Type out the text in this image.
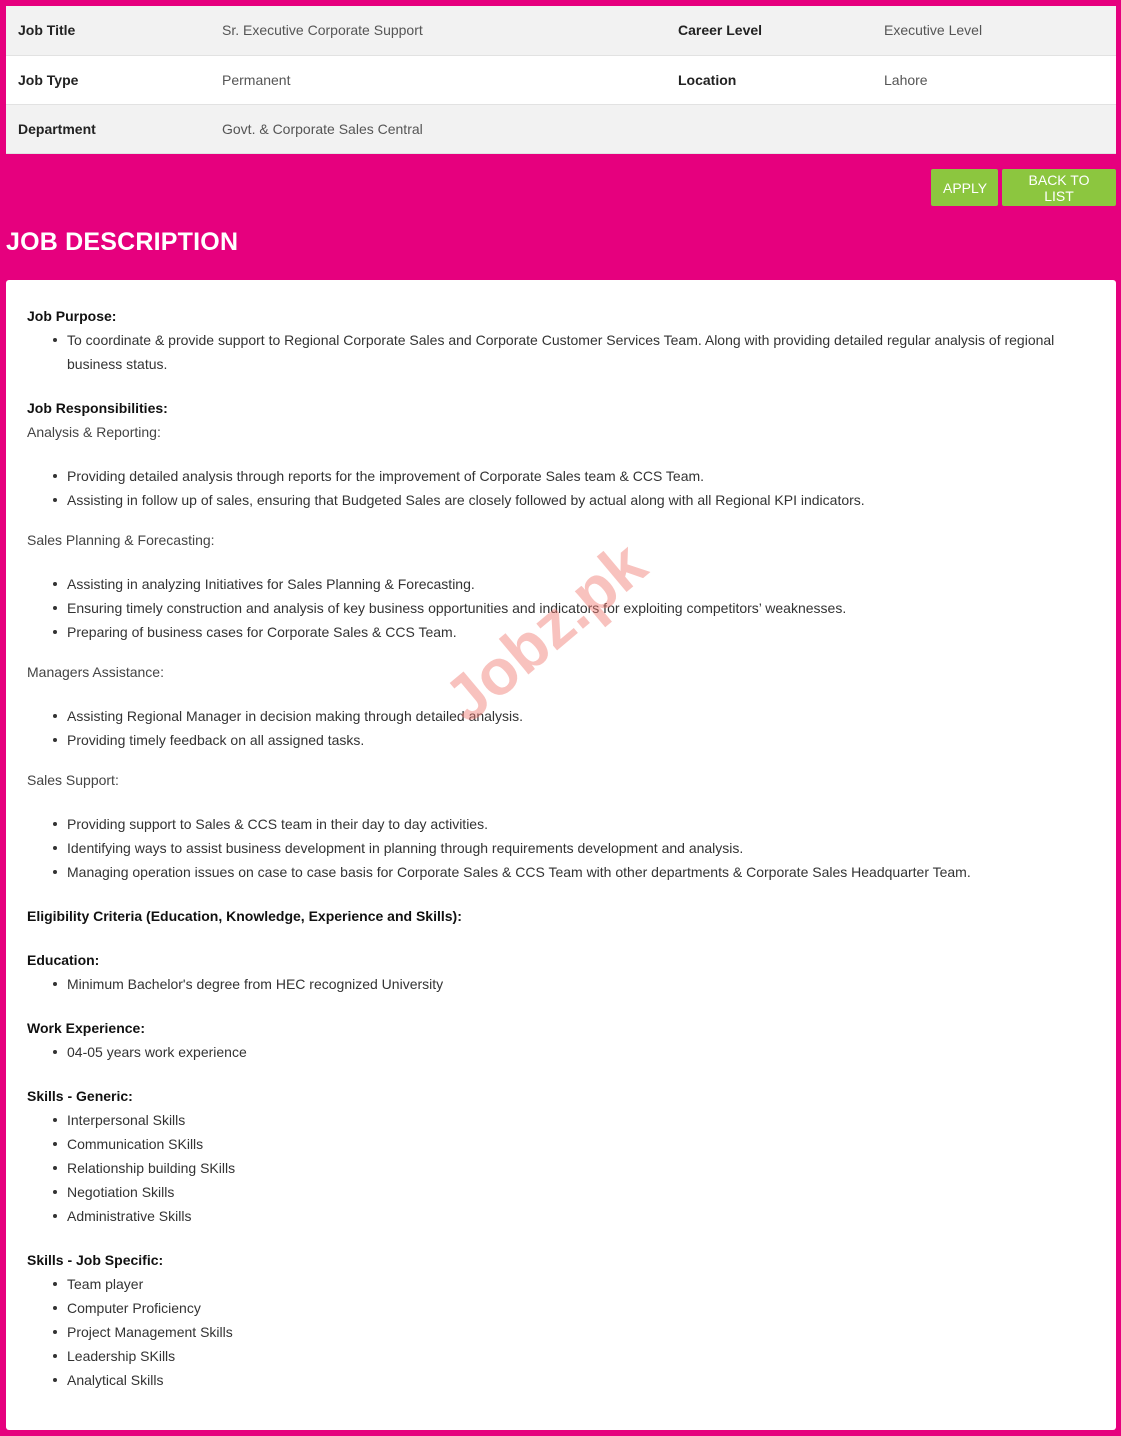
Job Title	Sr. Executive Corporate Support	Career Level	Executive Level
Job Type	Permanent	Location	Lahore
Department	Govt. & Corporate Sales Central		
APPLY	BACK TO LIST
JOB DESCRIPTION
Job Purpose:
To coordinate & provide support to Regional Corporate Sales and Corporate Customer Services Team. Along with providing detailed regular analysis of regional business status.
Job Responsibilities:
Analysis & Reporting:
Providing detailed analysis through reports for the improvement of Corporate Sales team & CCS Team.
Assisting in follow up of sales, ensuring that Budgeted Sales are closely followed by actual along with all Regional KPI indicators.
Sales Planning & Forecasting:
Assisting in analyzing Initiatives for Sales Planning & Forecasting.
Ensuring timely construction and analysis of key business opportunities and indicators for exploiting competitors’ weaknesses.
Preparing of business cases for Corporate Sales & CCS Team.
Managers Assistance:
Assisting Regional Manager in decision making through detailed analysis.
Providing timely feedback on all assigned tasks.
Sales Support:
Providing support to Sales & CCS team in their day to day activities.
Identifying ways to assist business development in planning through requirements development and analysis.
Managing operation issues on case to case basis for Corporate Sales & CCS Team with other departments & Corporate Sales Headquarter Team.
Eligibility Criteria (Education, Knowledge, Experience and Skills):
Education:
Minimum Bachelor's degree from HEC recognized University
Work Experience:
04-05 years work experience
Skills - Generic:
Interpersonal Skills
Communication SKills
Relationship building SKills
Negotiation Skills
Administrative Skills
Skills - Job Specific:
Team player
Computer Proficiency
Project Management Skills
Leadership SKills
Analytical Skills
Jobz.pk
